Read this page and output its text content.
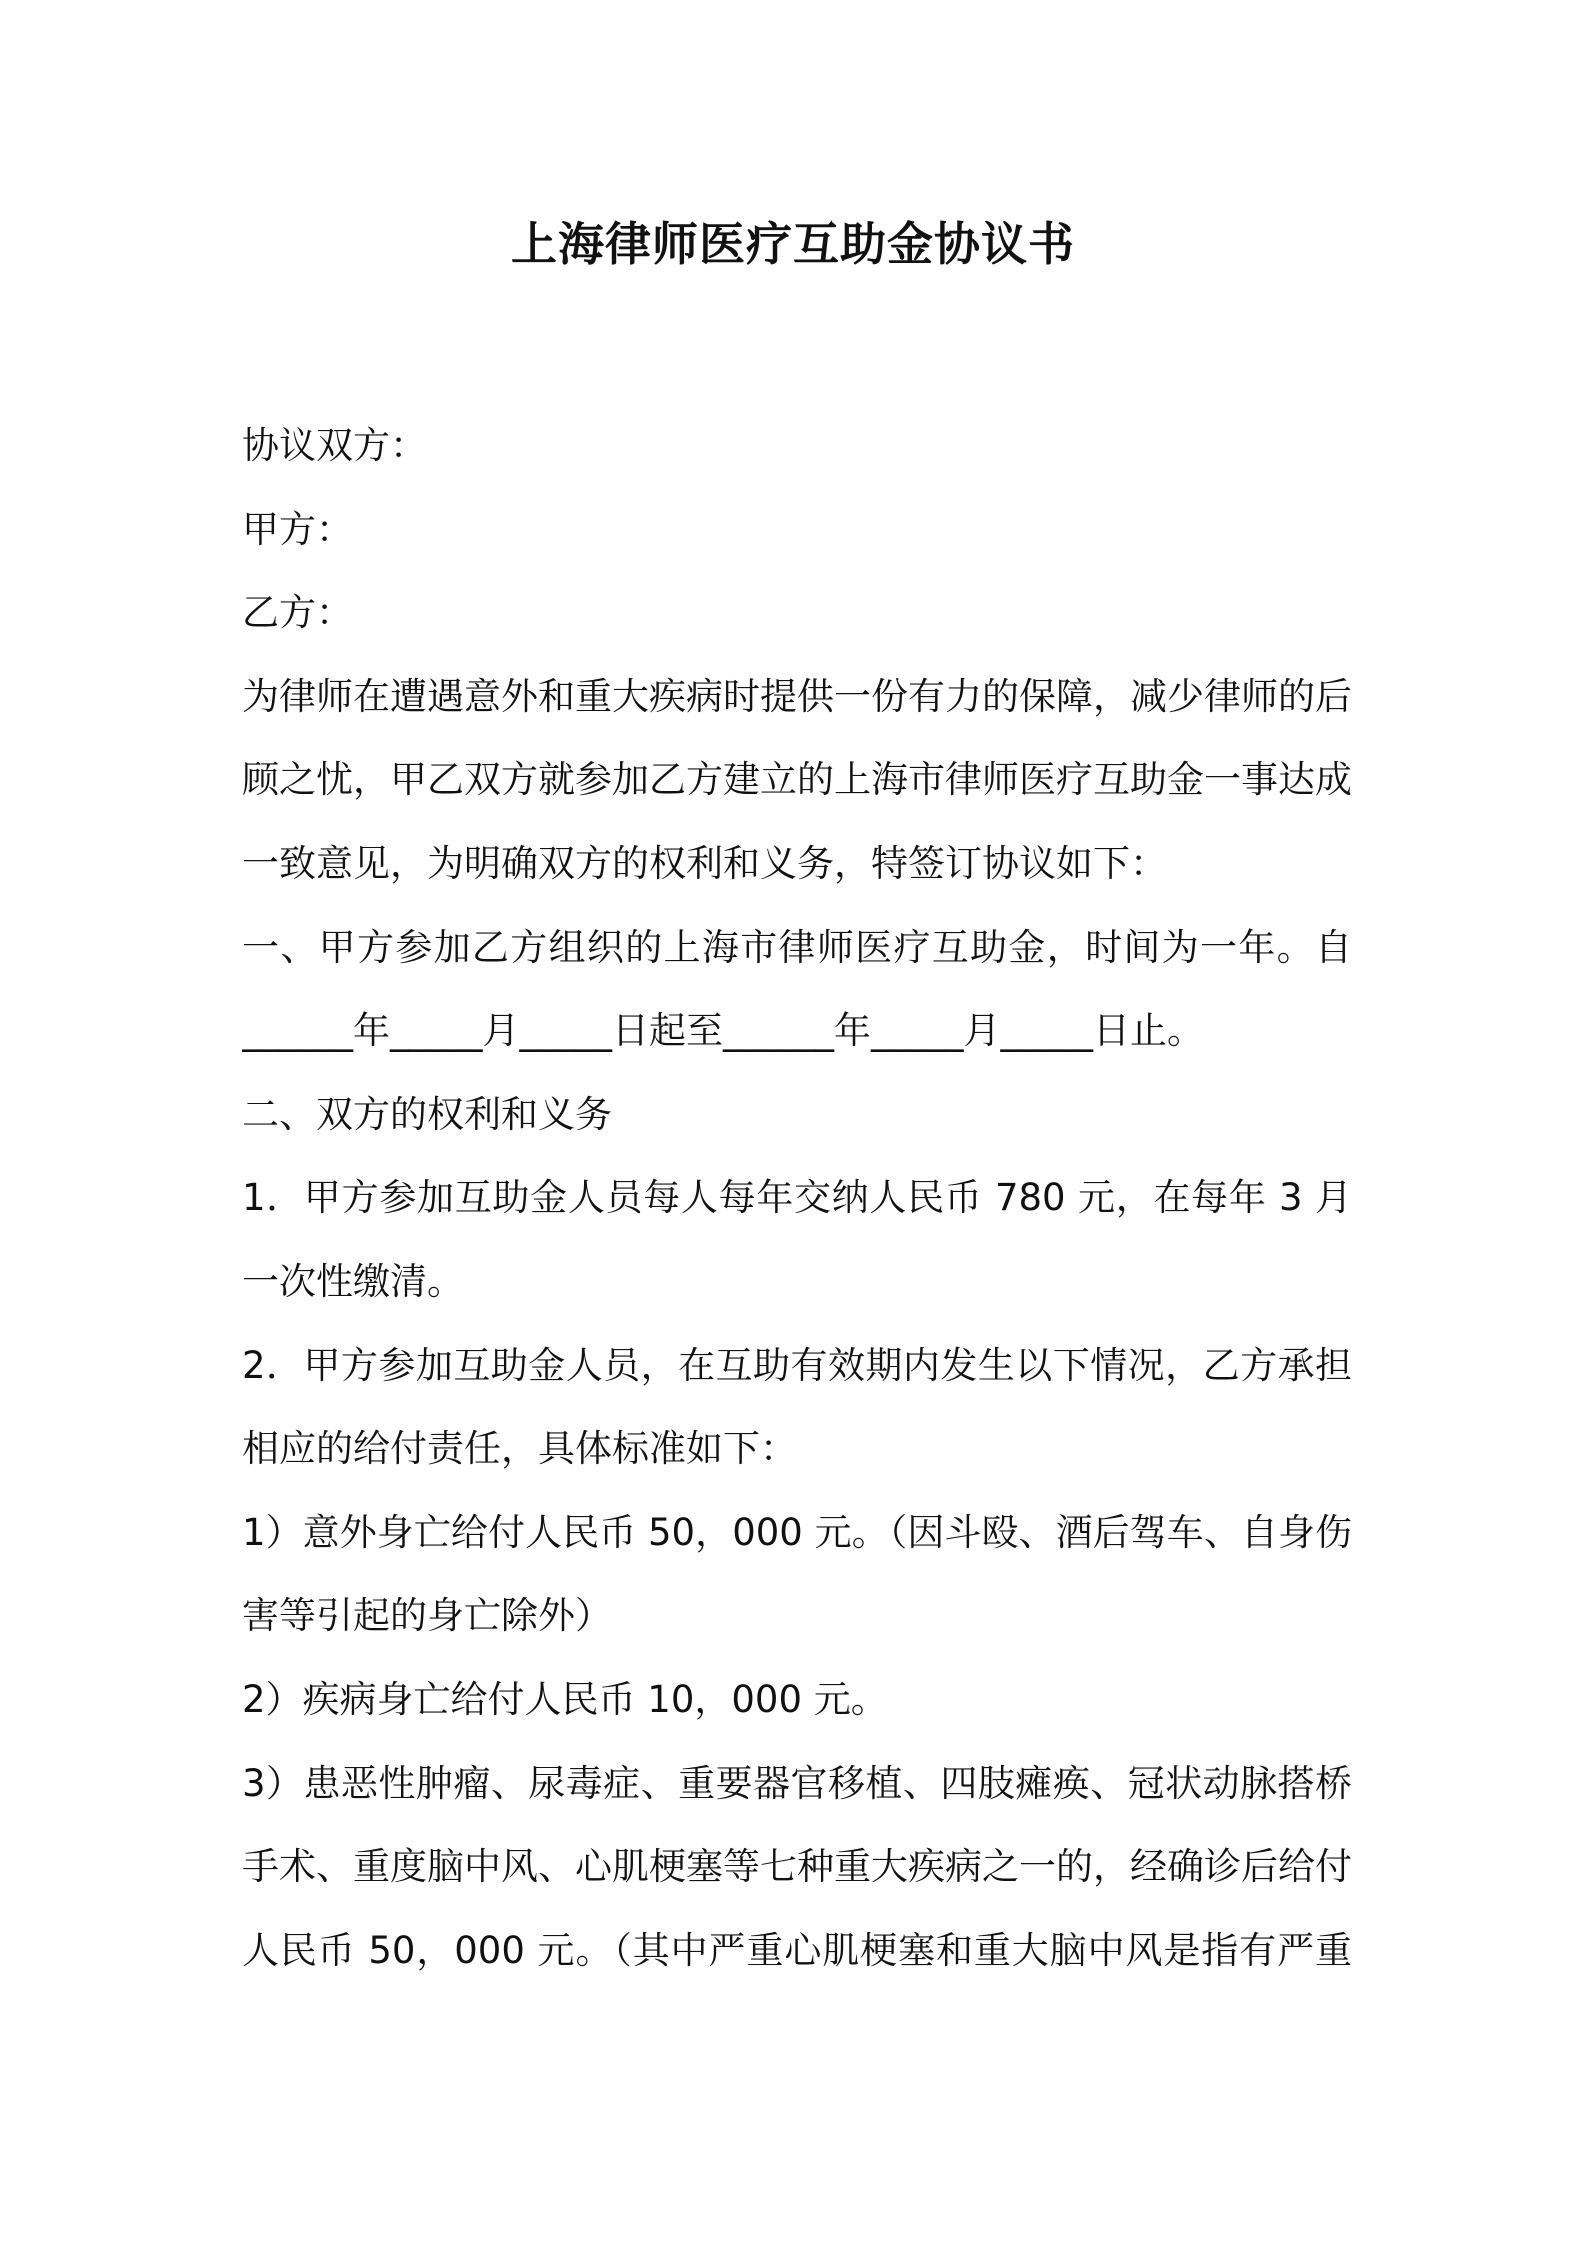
上海律师医疗互助金协议书
协议双方：
甲方：
乙方：
为律师在遭遇意外和重大疾病时提供一份有力的保障，减少律师的后
顾之忧，甲乙双方就参加乙方建立的上海市律师医疗互助金一事达成
一致意见，为明确双方的权利和义务，特签订协议如下：
一、甲方参加乙方组织的上海市律师医疗互助金，时间为一年。自
______年_____月_____日起至______年_____月_____日止。
二、双方的权利和义务
1．甲方参加互助金人员每人每年交纳人民币 780 元，在每年 3 月
一次性缴清。
2．甲方参加互助金人员，在互助有效期内发生以下情况，乙方承担
相应的给付责任，具体标准如下：
1）意外身亡给付人民币 50，000 元。（因斗殴、酒后驾车、自身伤
害等引起的身亡除外）
2）疾病身亡给付人民币 10，000 元。
3）患恶性肿瘤、尿毒症、重要器官移植、四肢瘫痪、冠状动脉搭桥
手术、重度脑中风、心肌梗塞等七种重大疾病之一的，经确诊后给付
人民币 50，000 元。（其中严重心肌梗塞和重大脑中风是指有严重
